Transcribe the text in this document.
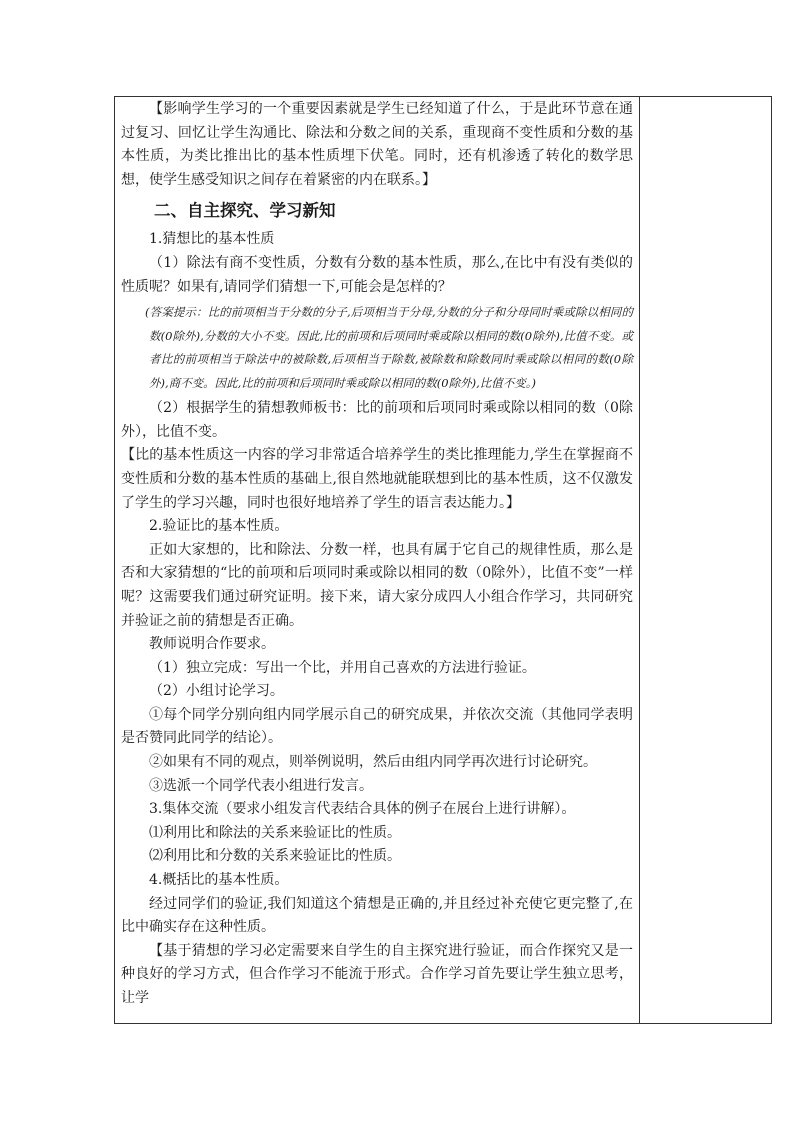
【影响学生学习的一个重要因素就是学生已经知道了什么，于是此环节意在通过复习、回忆让学生沟通比、除法和分数之间的关系，重现商不变性质和分数的基本性质，为类比推出比的基本性质埋下伏笔。同时，还有机渗透了转化的数学思想，使学生感受知识之间存在着紧密的内在联系。】

二、自主探究、学习新知

1.猜想比的基本性质

（1）除法有商不变性质，分数有分数的基本性质，那么,在比中有没有类似的性质呢？如果有,请同学们猜想一下,可能会是怎样的？

(答案提示：比的前项相当于分数的分子,后项相当于分母,分数的分子和分母同时乘或除以相同的数(0除外),分数的大小不变。因此,比的前项和后项同时乘或除以相同的数(0除外),比值不变。或者比的前项相当于除法中的被除数,后项相当于除数,被除数和除数同时乘或除以相同的数(0除外),商不变。因此,比的前项和后项同时乘或除以相同的数(0除外),比值不变。)

（2）根据学生的猜想教师板书：比的前项和后项同时乘或除以相同的数（0除外），比值不变。

【比的基本性质这一内容的学习非常适合培养学生的类比推理能力,学生在掌握商不变性质和分数的基本性质的基础上,很自然地就能联想到比的基本性质，这不仅激发了学生的学习兴趣，同时也很好地培养了学生的语言表达能力。】

2.验证比的基本性质。

正如大家想的，比和除法、分数一样，也具有属于它自己的规律性质，那么是否和大家猜想的“比的前项和后项同时乘或除以相同的数（0除外），比值不变”一样呢？这需要我们通过研究证明。接下来，请大家分成四人小组合作学习，共同研究并验证之前的猜想是否正确。

教师说明合作要求。

（1）独立完成：写出一个比，并用自己喜欢的方法进行验证。

（2）小组讨论学习。

①每个同学分别向组内同学展示自己的研究成果，并依次交流（其他同学表明是否赞同此同学的结论）。

②如果有不同的观点，则举例说明，然后由组内同学再次进行讨论研究。

③选派一个同学代表小组进行发言。

3.集体交流（要求小组发言代表结合具体的例子在展台上进行讲解）。

⑴利用比和除法的关系来验证比的性质。

⑵利用比和分数的关系来验证比的性质。

4.概括比的基本性质。

经过同学们的验证,我们知道这个猜想是正确的,并且经过补充使它更完整了,在比中确实存在这种性质。

【基于猜想的学习必定需要来自学生的自主探究进行验证，而合作探究又是一种良好的学习方式，但合作学习不能流于形式。合作学习首先要让学生独立思考，让学
